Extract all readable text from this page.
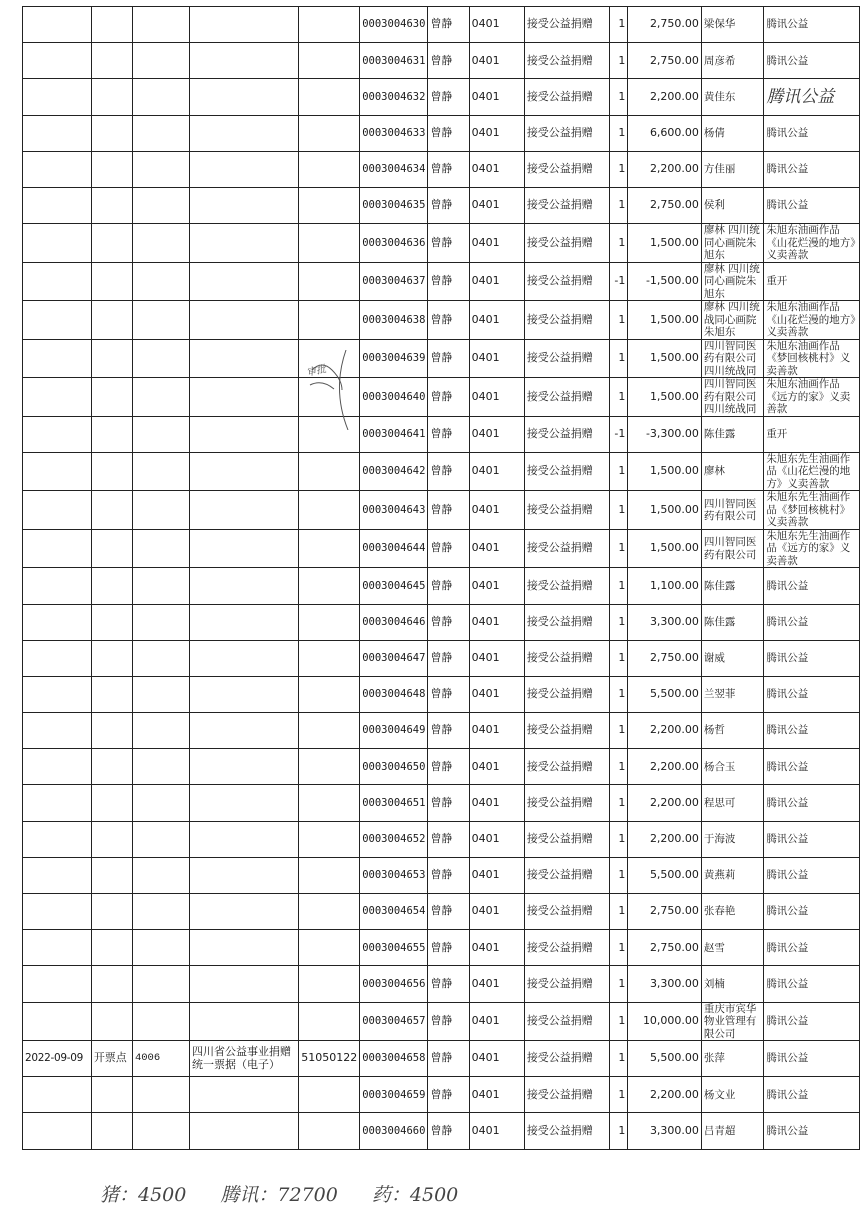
					0003004630	曾静	0401	接受公益捐赠	1	2,750.00	梁保华	腾讯公益
					0003004631	曾静	0401	接受公益捐赠	1	2,750.00	周彦希	腾讯公益
					0003004632	曾静	0401	接受公益捐赠	1	2,200.00	黄佳东	腾讯公益
					0003004633	曾静	0401	接受公益捐赠	1	6,600.00	杨倩	腾讯公益
					0003004634	曾静	0401	接受公益捐赠	1	2,200.00	方佳丽	腾讯公益
					0003004635	曾静	0401	接受公益捐赠	1	2,750.00	侯利	腾讯公益
					0003004636	曾静	0401	接受公益捐赠	1	1,500.00	廖林 四川统同心画院朱旭东	朱旭东油画作品《山花烂漫的地方》义卖善款
					0003004637	曾静	0401	接受公益捐赠	-1	-1,500.00	廖林 四川统同心画院朱旭东	重开
					0003004638	曾静	0401	接受公益捐赠	1	1,500.00	廖林 四川统战同心画院朱旭东	朱旭东油画作品《山花烂漫的地方》义卖善款
					0003004639	曾静	0401	接受公益捐赠	1	1,500.00	四川智同医药有限公司四川统战同	朱旭东油画作品《梦回核桃村》义卖善款
					0003004640	曾静	0401	接受公益捐赠	1	1,500.00	四川智同医药有限公司四川统战同	朱旭东油画作品《远方的家》义卖善款
					0003004641	曾静	0401	接受公益捐赠	-1	-3,300.00	陈佳露	重开
					0003004642	曾静	0401	接受公益捐赠	1	1,500.00	廖林	朱旭东先生油画作品《山花烂漫的地方》义卖善款
					0003004643	曾静	0401	接受公益捐赠	1	1,500.00	四川智同医药有限公司	朱旭东先生油画作品《梦回核桃村》义卖善款
					0003004644	曾静	0401	接受公益捐赠	1	1,500.00	四川智同医药有限公司	朱旭东先生油画作品《远方的家》义卖善款
					0003004645	曾静	0401	接受公益捐赠	1	1,100.00	陈佳露	腾讯公益
					0003004646	曾静	0401	接受公益捐赠	1	3,300.00	陈佳露	腾讯公益
					0003004647	曾静	0401	接受公益捐赠	1	2,750.00	谢威	腾讯公益
					0003004648	曾静	0401	接受公益捐赠	1	5,500.00	兰翌菲	腾讯公益
					0003004649	曾静	0401	接受公益捐赠	1	2,200.00	杨哲	腾讯公益
					0003004650	曾静	0401	接受公益捐赠	1	2,200.00	杨合玉	腾讯公益
					0003004651	曾静	0401	接受公益捐赠	1	2,200.00	程思可	腾讯公益
					0003004652	曾静	0401	接受公益捐赠	1	2,200.00	于海波	腾讯公益
					0003004653	曾静	0401	接受公益捐赠	1	5,500.00	黄燕莉	腾讯公益
					0003004654	曾静	0401	接受公益捐赠	1	2,750.00	张春艳	腾讯公益
					0003004655	曾静	0401	接受公益捐赠	1	2,750.00	赵雪	腾讯公益
					0003004656	曾静	0401	接受公益捐赠	1	3,300.00	刘楠	腾讯公益
					0003004657	曾静	0401	接受公益捐赠	1	10,000.00	重庆市宾华物业管理有限公司	腾讯公益
2022-09-09	开票点	4006	四川省公益事业捐赠统一票据（电子）	51050122	0003004658	曾静	0401	接受公益捐赠	1	5,500.00	张萍	腾讯公益
					0003004659	曾静	0401	接受公益捐赠	1	2,200.00	杨文业	腾讯公益
					0003004660	曾静	0401	接受公益捐赠	1	3,300.00	吕青超	腾讯公益
审批
猪：4500 腾讯：72700 药：4500
